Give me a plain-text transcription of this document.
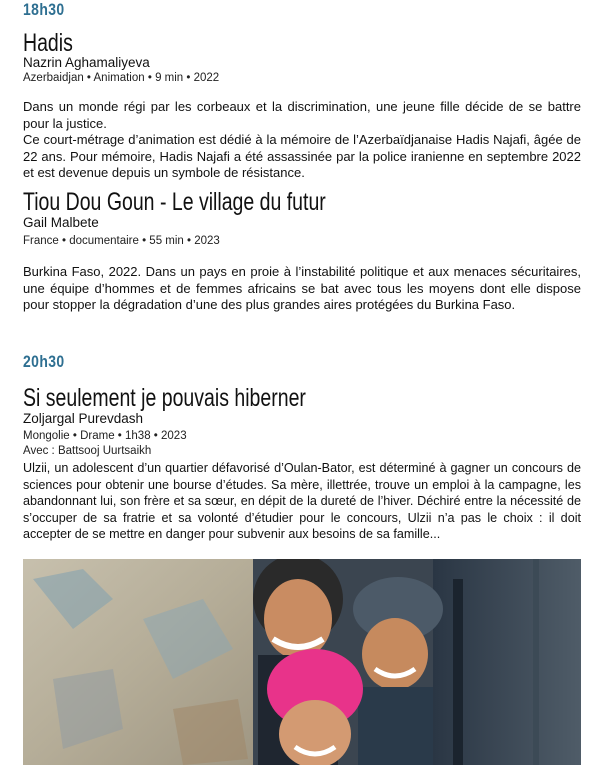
18h30
Hadis
Nazrin Aghamaliyeva
Azerbaidjan • Animation • 9 min • 2022

Dans un monde régi par les corbeaux et la discrimination, une jeune fille décide de se battre pour la justice.

Ce court-métrage d’animation est dédié à la mémoire de l’Azerbaïdjanaise Hadis Najafi, âgée de 22 ans. Pour mémoire, Hadis Najafi a été assassinée par la police iranienne en septembre 2022 et est devenue depuis un symbole de résistance.

Tiou Dou Goun - Le village du futur
Gail Malbete
France • documentaire • 55 min • 2023

Burkina Faso, 2022. Dans un pays en proie à l’instabilité politique et aux menaces sécuritaires, une équipe d’hommes et de femmes africains se bat avec tous les moyens dont elle dispose pour stopper la dégradation d’une des plus grandes aires protégées du Burkina Faso.

20h30
Si seulement je pouvais hiberner
Zoljargal Purevdash
Mongolie • Drame • 1h38 • 2023
Avec : Battsooj Uurtsaikh

Ulzii, un adolescent d’un quartier défavorisé d’Oulan-Bator, est déterminé à gagner un concours de sciences pour obtenir une bourse d’études. Sa mère, illettrée, trouve un emploi à la campagne, les abandonnant lui, son frère et sa sœur, en dépit de la dureté de l’hiver. Déchiré entre la nécessité de s’occuper de sa fratrie et sa volonté d’étudier pour le concours, Ulzii n’a pas le choix : il doit accepter de se mettre en danger pour subvenir aux besoins de sa famille...
